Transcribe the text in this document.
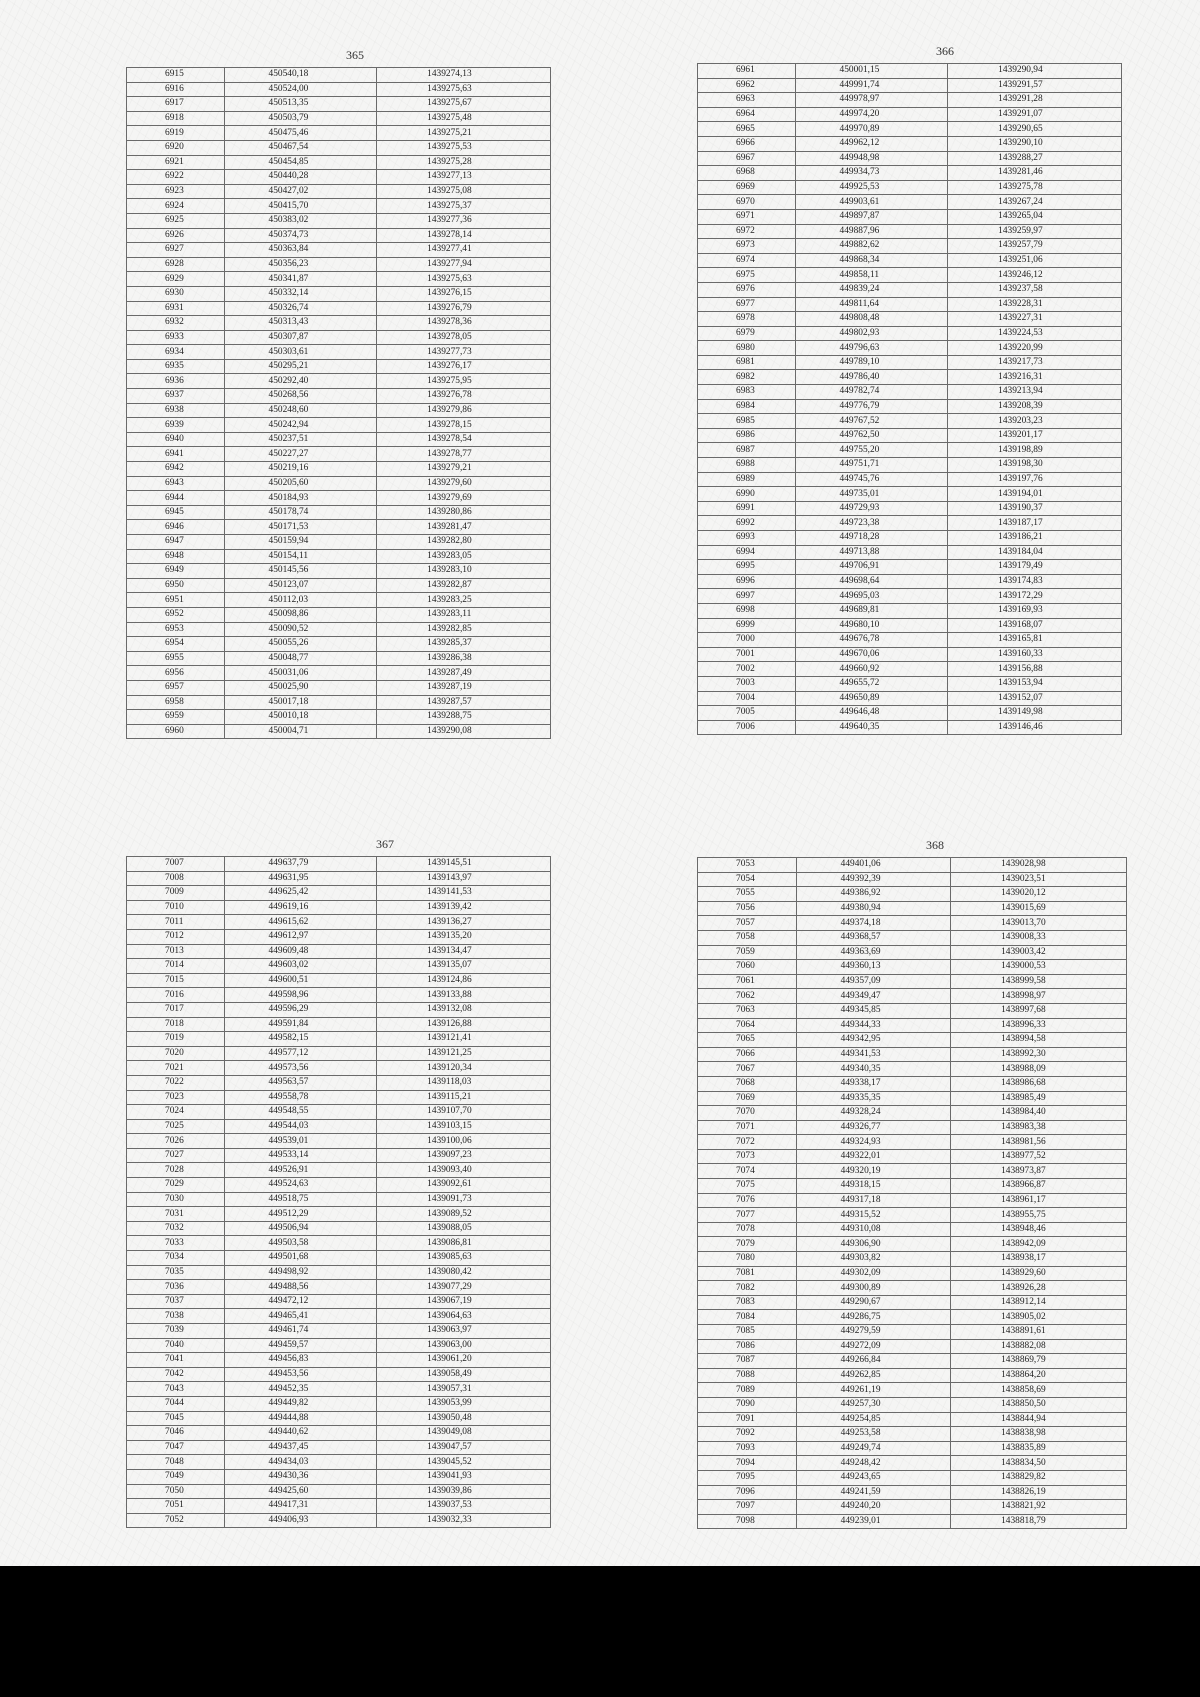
365
6915	450540,18	1439274,13
6916	450524,00	1439275,63
6917	450513,35	1439275,67
6918	450503,79	1439275,48
6919	450475,46	1439275,21
6920	450467,54	1439275,53
6921	450454,85	1439275,28
6922	450440,28	1439277,13
6923	450427,02	1439275,08
6924	450415,70	1439275,37
6925	450383,02	1439277,36
6926	450374,73	1439278,14
6927	450363,84	1439277,41
6928	450356,23	1439277,94
6929	450341,87	1439275,63
6930	450332,14	1439276,15
6931	450326,74	1439276,79
6932	450313,43	1439278,36
6933	450307,87	1439278,05
6934	450303,61	1439277,73
6935	450295,21	1439276,17
6936	450292,40	1439275,95
6937	450268,56	1439276,78
6938	450248,60	1439279,86
6939	450242,94	1439278,15
6940	450237,51	1439278,54
6941	450227,27	1439278,77
6942	450219,16	1439279,21
6943	450205,60	1439279,60
6944	450184,93	1439279,69
6945	450178,74	1439280,86
6946	450171,53	1439281,47
6947	450159,94	1439282,80
6948	450154,11	1439283,05
6949	450145,56	1439283,10
6950	450123,07	1439282,87
6951	450112,03	1439283,25
6952	450098,86	1439283,11
6953	450090,52	1439282,85
6954	450055,26	1439285,37
6955	450048,77	1439286,38
6956	450031,06	1439287,49
6957	450025,90	1439287,19
6958	450017,18	1439287,57
6959	450010,18	1439288,75
6960	450004,71	1439290,08
366
6961	450001,15	1439290,94
6962	449991,74	1439291,57
6963	449978,97	1439291,28
6964	449974,20	1439291,07
6965	449970,89	1439290,65
6966	449962,12	1439290,10
6967	449948,98	1439288,27
6968	449934,73	1439281,46
6969	449925,53	1439275,78
6970	449903,61	1439267,24
6971	449897,87	1439265,04
6972	449887,96	1439259,97
6973	449882,62	1439257,79
6974	449868,34	1439251,06
6975	449858,11	1439246,12
6976	449839,24	1439237,58
6977	449811,64	1439228,31
6978	449808,48	1439227,31
6979	449802,93	1439224,53
6980	449796,63	1439220,99
6981	449789,10	1439217,73
6982	449786,40	1439216,31
6983	449782,74	1439213,94
6984	449776,79	1439208,39
6985	449767,52	1439203,23
6986	449762,50	1439201,17
6987	449755,20	1439198,89
6988	449751,71	1439198,30
6989	449745,76	1439197,76
6990	449735,01	1439194,01
6991	449729,93	1439190,37
6992	449723,38	1439187,17
6993	449718,28	1439186,21
6994	449713,88	1439184,04
6995	449706,91	1439179,49
6996	449698,64	1439174,83
6997	449695,03	1439172,29
6998	449689,81	1439169,93
6999	449680,10	1439168,07
7000	449676,78	1439165,81
7001	449670,06	1439160,33
7002	449660,92	1439156,88
7003	449655,72	1439153,94
7004	449650,89	1439152,07
7005	449646,48	1439149,98
7006	449640,35	1439146,46
367
7007	449637,79	1439145,51
7008	449631,95	1439143,97
7009	449625,42	1439141,53
7010	449619,16	1439139,42
7011	449615,62	1439136,27
7012	449612,97	1439135,20
7013	449609,48	1439134,47
7014	449603,02	1439135,07
7015	449600,51	1439124,86
7016	449598,96	1439133,88
7017	449596,29	1439132,08
7018	449591,84	1439126,88
7019	449582,15	1439121,41
7020	449577,12	1439121,25
7021	449573,56	1439120,34
7022	449563,57	1439118,03
7023	449558,78	1439115,21
7024	449548,55	1439107,70
7025	449544,03	1439103,15
7026	449539,01	1439100,06
7027	449533,14	1439097,23
7028	449526,91	1439093,40
7029	449524,63	1439092,61
7030	449518,75	1439091,73
7031	449512,29	1439089,52
7032	449506,94	1439088,05
7033	449503,58	1439086,81
7034	449501,68	1439085,63
7035	449498,92	1439080,42
7036	449488,56	1439077,29
7037	449472,12	1439067,19
7038	449465,41	1439064,63
7039	449461,74	1439063,97
7040	449459,57	1439063,00
7041	449456,83	1439061,20
7042	449453,56	1439058,49
7043	449452,35	1439057,31
7044	449449,82	1439053,99
7045	449444,88	1439050,48
7046	449440,62	1439049,08
7047	449437,45	1439047,57
7048	449434,03	1439045,52
7049	449430,36	1439041,93
7050	449425,60	1439039,86
7051	449417,31	1439037,53
7052	449406,93	1439032,33
368
7053	449401,06	1439028,98
7054	449392,39	1439023,51
7055	449386,92	1439020,12
7056	449380,94	1439015,69
7057	449374,18	1439013,70
7058	449368,57	1439008,33
7059	449363,69	1439003,42
7060	449360,13	1439000,53
7061	449357,09	1438999,58
7062	449349,47	1438998,97
7063	449345,85	1438997,68
7064	449344,33	1438996,33
7065	449342,95	1438994,58
7066	449341,53	1438992,30
7067	449340,35	1438988,09
7068	449338,17	1438986,68
7069	449335,35	1438985,49
7070	449328,24	1438984,40
7071	449326,77	1438983,38
7072	449324,93	1438981,56
7073	449322,01	1438977,52
7074	449320,19	1438973,87
7075	449318,15	1438966,87
7076	449317,18	1438961,17
7077	449315,52	1438955,75
7078	449310,08	1438948,46
7079	449306,90	1438942,09
7080	449303,82	1438938,17
7081	449302,09	1438929,60
7082	449300,89	1438926,28
7083	449290,67	1438912,14
7084	449286,75	1438905,02
7085	449279,59	1438891,61
7086	449272,09	1438882,08
7087	449266,84	1438869,79
7088	449262,85	1438864,20
7089	449261,19	1438858,69
7090	449257,30	1438850,50
7091	449254,85	1438844,94
7092	449253,58	1438838,98
7093	449249,74	1438835,89
7094	449248,42	1438834,50
7095	449243,65	1438829,82
7096	449241,59	1438826,19
7097	449240,20	1438821,92
7098	449239,01	1438818,79
